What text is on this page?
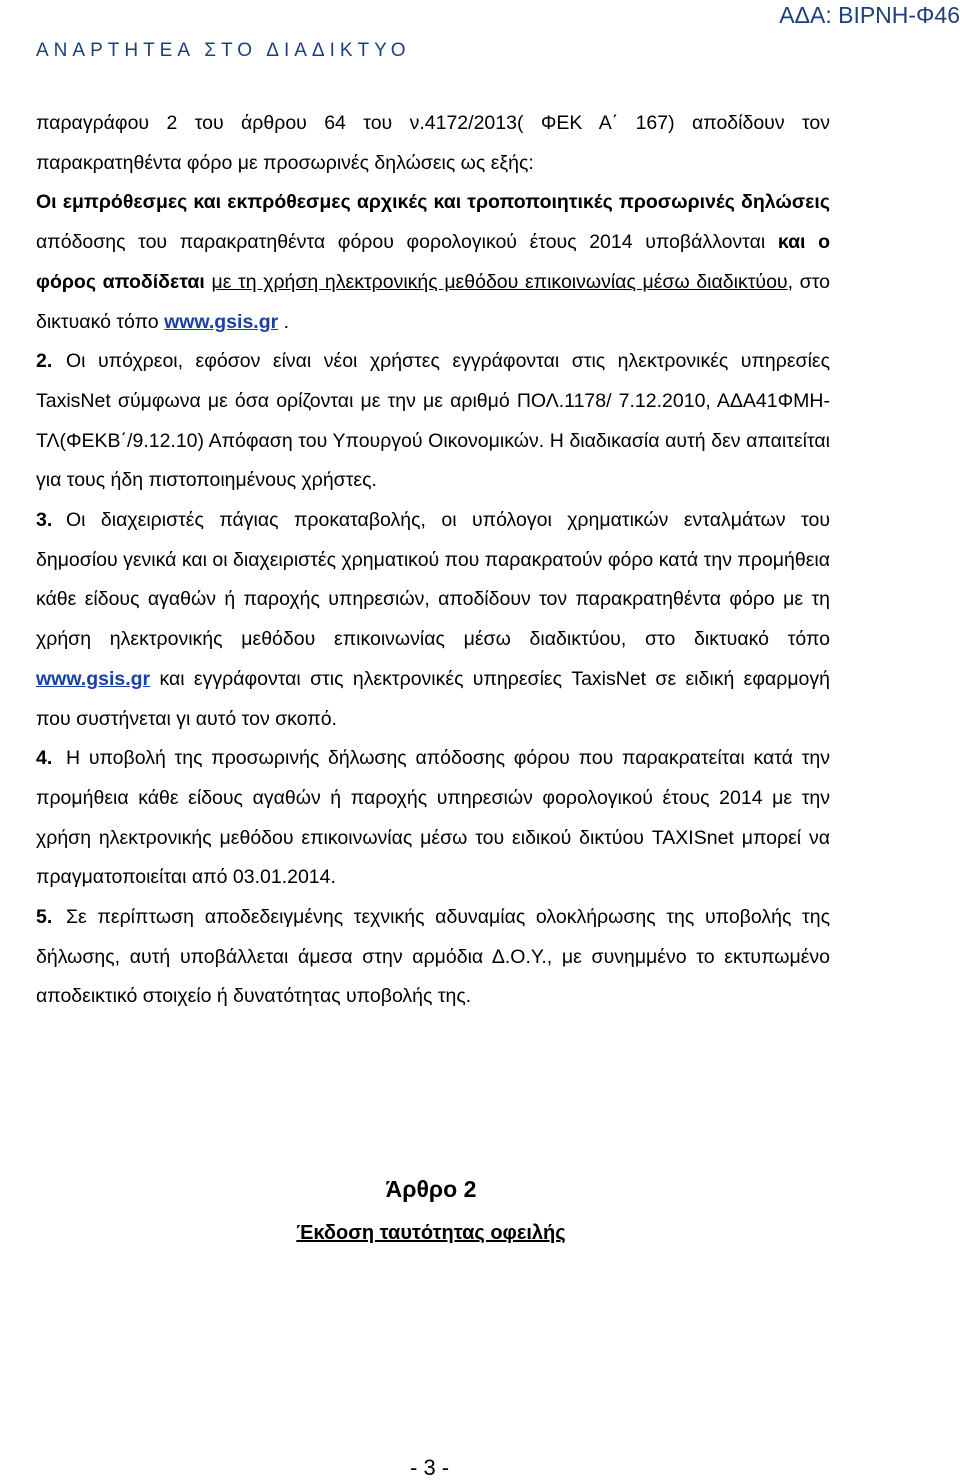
ΑΝΑΡΤΗΤΕΑ ΣΤΟ ΔΙΑΔΙΚΤΥΟ
ΑΔΑ: ΒΙΡΝΗ-Φ46

παραγράφου 2 του άρθρου 64 του ν.4172/2013( ΦΕΚ Α΄ 167) αποδίδουν τον παρακρατηθέντα φόρο με προσωρινές δηλώσεις ως εξής:
Οι εμπρόθεσμες και εκπρόθεσμες αρχικές και τροποποιητικές προσωρινές δηλώσεις απόδοσης του παρακρατηθέντα φόρου φορολογικού έτους 2014 υποβάλλονται και ο φόρος αποδίδεται με τη χρήση ηλεκτρονικής μεθόδου επικοινωνίας μέσω διαδικτύου, στο δικτυακό τόπο www.gsis.gr .

2. Οι υπόχρεοι, εφόσον είναι νέοι χρήστες εγγράφονται στις ηλεκτρονικές υπηρεσίες TaxisNet σύμφωνα με όσα ορίζονται με την με αριθμό ΠΟΛ.1178/ 7.12.2010, ΑΔΑ41ΦΜΗ-ΤΛ(ΦΕΚΒ΄/9.12.10) Απόφαση του Υπουργού Οικονομικών. Η διαδικασία αυτή δεν απαιτείται για τους ήδη πιστοποιημένους χρήστες.

3. Οι διαχειριστές πάγιας προκαταβολής, οι υπόλογοι χρηματικών ενταλμάτων του δημοσίου γενικά και οι διαχειριστές χρηματικού που παρακρατούν φόρο κατά την προμήθεια κάθε είδους αγαθών ή παροχής υπηρεσιών, αποδίδουν τον παρακρατηθέντα φόρο με τη χρήση ηλεκτρονικής μεθόδου επικοινωνίας μέσω διαδικτύου, στο δικτυακό τόπο www.gsis.gr και εγγράφονται στις ηλεκτρονικές υπηρεσίες TaxisNet σε ειδική εφαρμογή που συστήνεται γι αυτό τον σκοπό.

4. Η υποβολή της προσωρινής δήλωσης απόδοσης φόρου που παρακρατείται κατά την προμήθεια κάθε είδους αγαθών ή παροχής υπηρεσιών φορολογικού έτους 2014 με την χρήση ηλεκτρονικής μεθόδου επικοινωνίας μέσω του ειδικού δικτύου TAXISnet μπορεί να πραγματοποιείται από 03.01.2014.

5. Σε περίπτωση αποδεδειγμένης τεχνικής αδυναμίας ολοκλήρωσης της υποβολής της δήλωσης, αυτή υποβάλλεται άμεσα στην αρμόδια Δ.Ο.Υ., με συνημμένο το εκτυπωμένο αποδεικτικό στοιχείο ή δυνατότητας υποβολής της.

Άρθρο 2
Έκδοση ταυτότητας οφειλής
- 3 -
